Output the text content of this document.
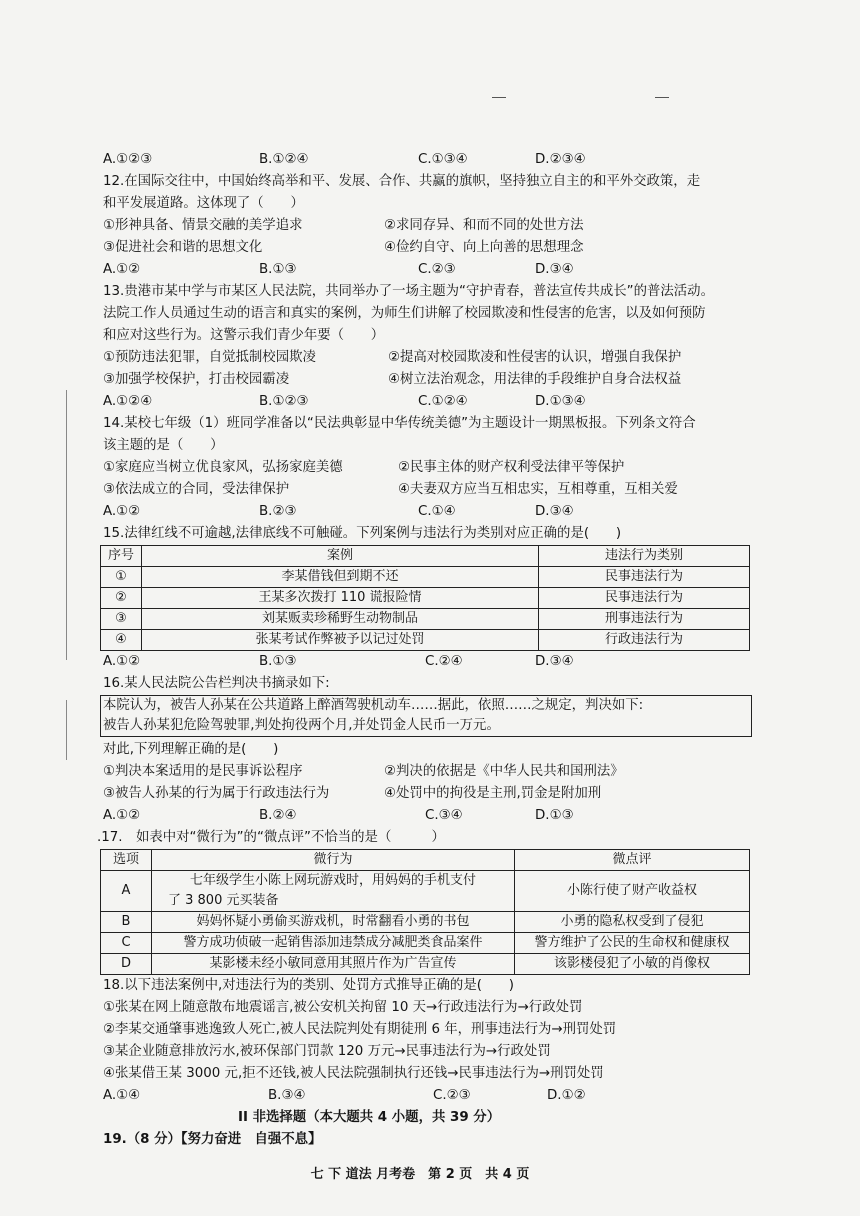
A.①②③	B.①②④	C.①③④	D.②③④
12.在国际交往中，中国始终高举和平、发展、合作、共赢的旗帜，坚持独立自主的和平外交政策，走
和平发展道路。这体现了（　　）
①形神具备、情景交融的美学追求	②求同存异、和而不同的处世方法
③促进社会和谐的思想文化	④俭约自守、向上向善的思想理念
A.①②	B.①③	C.②③	D.③④
13.贵港市某中学与市某区人民法院，共同举办了一场主题为“守护青春，普法宣传共成长”的普法活动。
法院工作人员通过生动的语言和真实的案例，为师生们讲解了校园欺凌和性侵害的危害，以及如何预防
和应对这些行为。这警示我们青少年要（　　）
①预防违法犯罪，自觉抵制校园欺凌	②提高对校园欺凌和性侵害的认识，增强自我保护
③加强学校保护，打击校园霸凌	④树立法治观念，用法律的手段维护自身合法权益
A.①②④	B.①②③	C.①②④	D.①③④
14.某校七年级（1）班同学准备以“民法典彰显中华传统美德”为主题设计一期黑板报。下列条文符合
该主题的是（　　）
①家庭应当树立优良家风，弘扬家庭美德	②民事主体的财产权利受法律平等保护
③依法成立的合同，受法律保护	④夫妻双方应当互相忠实，互相尊重，互相关爱
A.①②	B.②③	C.①④	D.③④
15.法律红线不可逾越,法律底线不可触碰。下列案例与违法行为类别对应正确的是(　　)
序号	案例	违法行为类别
①	李某借钱但到期不还	民事违法行为
②	王某多次拨打 110 谎报险情	民事违法行为
③	刘某贩卖珍稀野生动物制品	刑事违法行为
④	张某考试作弊被予以记过处罚	行政违法行为
A.①②	B.①③	C.②④	D.③④
16.某人民法院公告栏判决书摘录如下:
本院认为，被告人孙某在公共道路上醉酒驾驶机动车……据此，依照……之规定，判决如下:
被告人孙某犯危险驾驶罪,判处拘役两个月,并处罚金人民币一万元。
对此,下列理解正确的是(　　)
①判决本案适用的是民事诉讼程序	②判决的依据是《中华人民共和国刑法》
③被告人孙某的行为属于行政违法行为	④处罚中的拘役是主刑,罚金是附加刑
A.①②	B.②④	C.③④	D.①③
.17.　如表中对“微行为”的“微点评”不恰当的是（　　　）
选项	微行为	微点评
A	七年级学生小陈上网玩游戏时，用妈妈的手机支付
了 3 800 元买装备	小陈行使了财产收益权
B	妈妈怀疑小勇偷买游戏机，时常翻看小勇的书包	小勇的隐私权受到了侵犯
C	警方成功侦破一起销售添加违禁成分减肥类食品案件	警方维护了公民的生命权和健康权
D	某影楼未经小敏同意用其照片作为广告宣传	该影楼侵犯了小敏的肖像权
18.以下违法案例中,对违法行为的类别、处罚方式推导正确的是(　　)
①张某在网上随意散布地震谣言,被公安机关拘留 10 天→行政违法行为→行政处罚
②李某交通肇事逃逸致人死亡,被人民法院判处有期徒刑 6 年，刑事违法行为→刑罚处罚
③某企业随意排放污水,被环保部门罚款 120 万元→民事违法行为→行政处罚
④张某借王某 3000 元,拒不还钱,被人民法院强制执行还钱→民事违法行为→刑罚处罚
A.①④	B.③④	C.②③	D.①②
II 非选择题（本大题共 4 小题，共 39 分）
19.（8 分）【努力奋进　自强不息】
七 下 道法 月考卷　第 2 页　共 4 页
